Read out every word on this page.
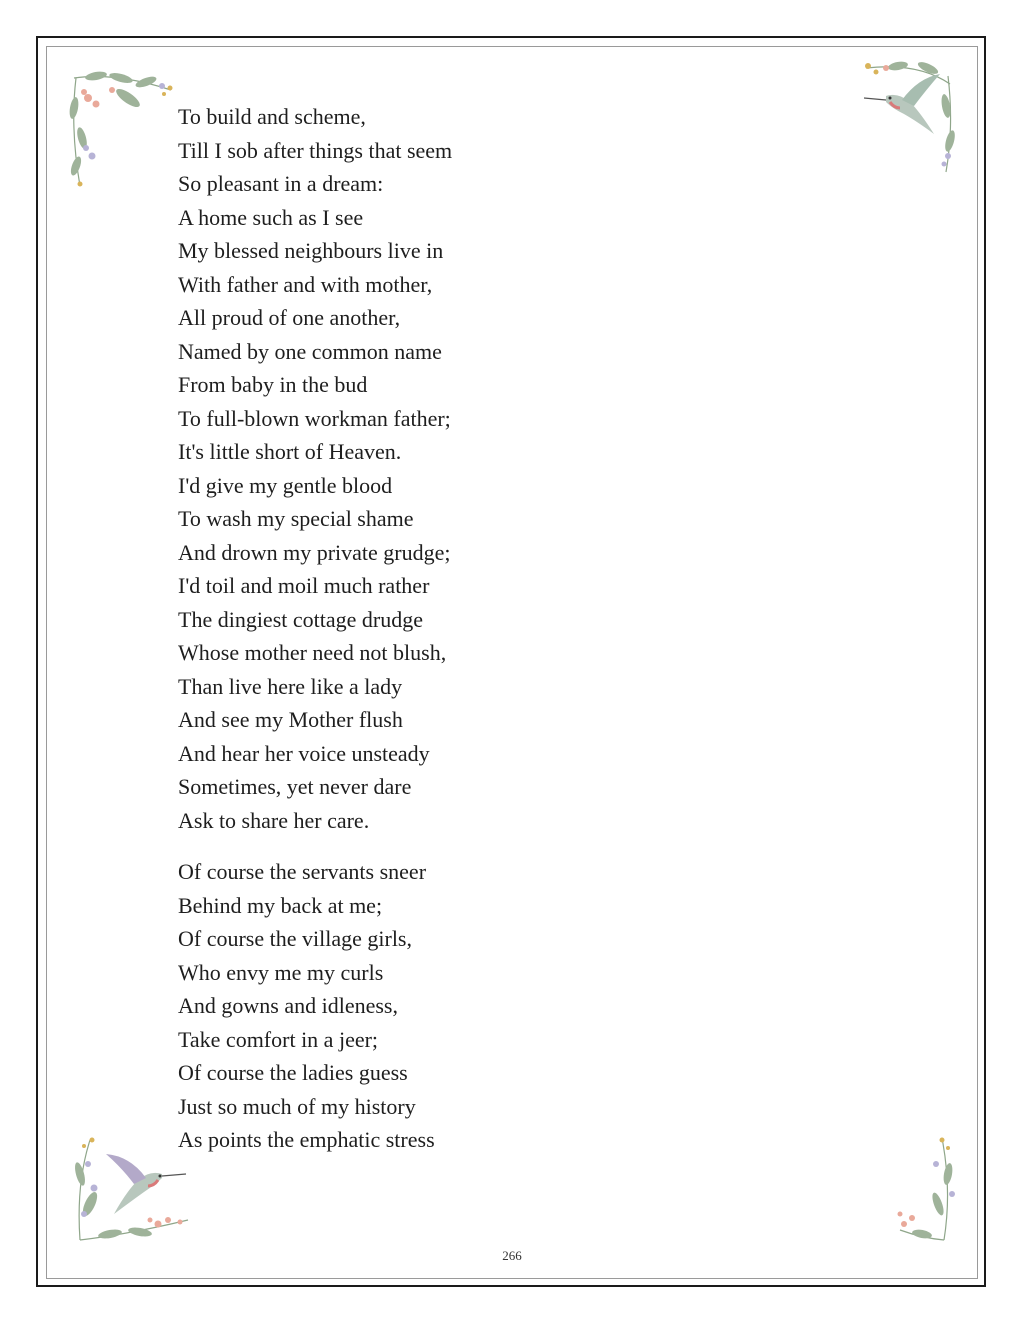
To build and scheme,
Till I sob after things that seem
So pleasant in a dream:
A home such as I see
My blessed neighbours live in
With father and with mother,
All proud of one another,
Named by one common name
From baby in the bud
To full-blown workman father;
It's little short of Heaven.
I'd give my gentle blood
To wash my special shame
And drown my private grudge;
I'd toil and moil much rather
The dingiest cottage drudge
Whose mother need not blush,
Than live here like a lady
And see my Mother flush
And hear her voice unsteady
Sometimes, yet never dare
Ask to share her care.
Of course the servants sneer
Behind my back at me;
Of course the village girls,
Who envy me my curls
And gowns and idleness,
Take comfort in a jeer;
Of course the ladies guess
Just so much of my history
As points the emphatic stress
266
